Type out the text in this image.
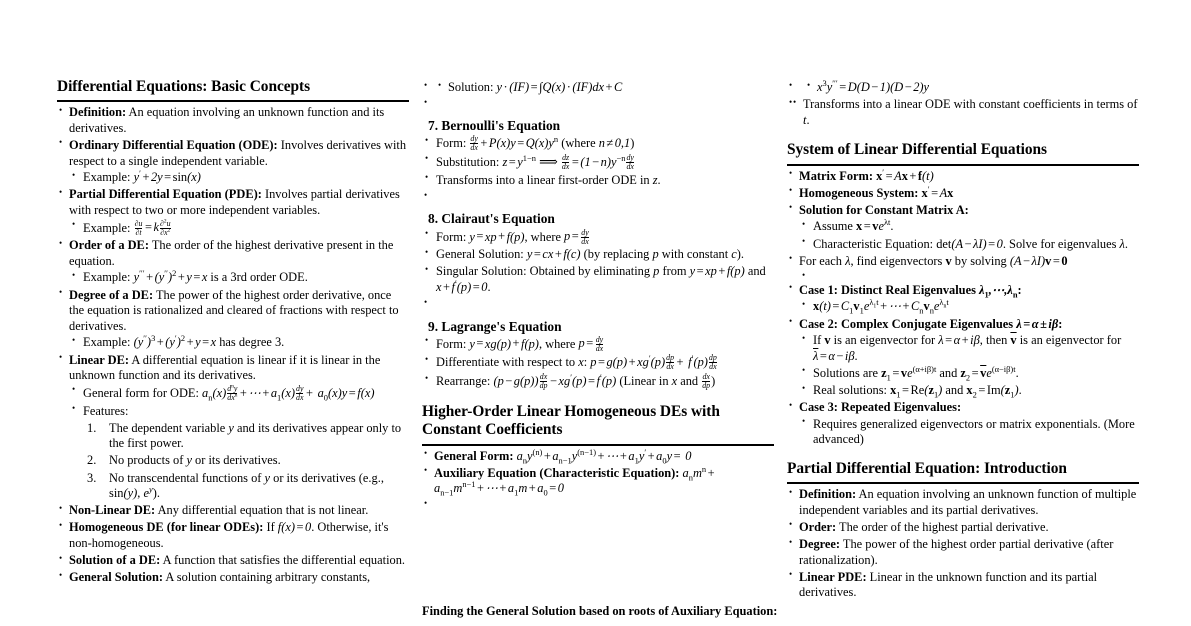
Differential Equations: Basic Concepts
• Definition: An equation involving an unknown function and its derivatives.
• Ordinary Differential Equation (ODE): Involves derivatives with respect to a single independent variable.
• Example: y′ + 2y = sin(x)
• Partial Differential Equation (PDE): Involves partial derivatives with respect to two or more independent variables.
• Example: $\frac{\partial u}{\partial t} = k \frac{\partial^2u}{\partial x^2}$
• Order of a DE: The order of the highest derivative present in the equation.
• Example: $y''' + (y'')^2 + y = x$ is a 3rd order ODE.
• Degree of a DE: The power of the highest order derivative, once the equation is rationalized and cleared of fractions with respect to derivatives.
• Example: $(y'')^3 + (y')^2 + y = x$ has degree 3.
• Linear DE: A differential equation is linear if it is linear in the unknown function and its derivatives.
• General form for ODE: $a_n(x) \frac{d^ny}{dx^n}$ + ⋯ + $a_1(x) \frac{dy}{dx} + a_0(x)y = f(x)$
• Features:
The dependent variable y and its derivatives appear only to the first power.
No products of y or its derivatives.
No transcendental functions of y or its derivatives (e.g., sin(y), $e^y$).
• Non-Linear DE: Any differential equation that is not linear.
• Homogeneous DE (for linear ODEs): If f(x) = 0. Otherwise, it's non-homogeneous.
• Solution of a DE: A function that satisfies the differential equation.
• General Solution: A solution containing arbitrary constants,
• • Solution: y · (IF) = ∫Q(x) · (IF)dx + C
•
7. Bernoulli's Equation
• Form: $\frac{dy}{dx} + P(x)y = Q(x)y^n$ (where n ≠ 0,1)
• Substitution: $z = y^{1-n}$ ⟹ $\frac{dz}{dx} = (1 - n)y^{-n} \frac{dy}{dx}$
• Transforms into a linear first-order ODE in z.
•
8. Clairaut's Equation
• Form: y = xp + f(p), where $p = \frac{dy}{dx}$
• General Solution: y = cx + f(c) (by replacing p with constant c).
• Singular Solution: Obtained by eliminating p from y = xp + f(p) and x + f′(p) = 0.
•
9. Lagrange's Equation
• Form: y = xg(p) + f(p), where $p = \frac{dy}{dx}$
• Differentiate with respect to x: $p = g(p) + xg'(p) \frac{dp}{dx} + f'(p) \frac{dp}{dx}$
• Rearrange: $(p - g(p)) \frac{dx}{dp} - xg'(p) = f'(p)$ (Linear in x and $\frac{dx}{dp}$ )
Higher-Order Linear Homogeneous DEs with
Constant Coefficients
• General Form: $a_ny^{(n)} + a_{n-1}y^{(n-1)}$ + ⋯ + $a_1y' + a_0y = 0$
• Auxiliary Equation (Characteristic Equation): $a_nm^n + a_{n-1}m^{n-1}$ + ⋯ + $a_1m + a_0 = 0$
•
Finding the General Solution based on roots of Auxiliary Equation:
• • $x^3y''' = D(D - 1)(D - 2)y$
• • Transforms into a linear ODE with constant coefficients in terms of t.
System of Linear Differential Equations
• Matrix Form: x′ = Ax + f(t)
• Homogeneous System: x′ = Ax
• Solution for Constant Matrix A:
• Assume $x = ve^{\lambda t}$.
• Characteristic Equation: det(A − λI) = 0. Solve for eigenvalues λ.
• For each λ, find eigenvectors v by solving (A − λI)v = 0
•
• Case 1: Distinct Real Eigenvalues $\lambda_1,\cdots,\lambda_n$:
• $x(t) = C_1v_1e^{\lambda_1t}$ + ⋯ + $C_nv_ne^{\lambda_nt}$
• Case 2: Complex Conjugate Eigenvalues λ = α ± iβ:
• If v is an eigenvector for λ = α + iβ, then $\overline{v}$ is an eigenvector for $\overline{\lambda} = \alpha - i\beta$.
• Solutions are $z_1 = ve^{(\alpha+i\beta)t}$ and $z_2 = \overline{v}e^{(\alpha-i\beta)t}$.
• Real solutions: $x_1 = Re(z_1)$ and $x_2 = Im(z_1)$.
• Case 3: Repeated Eigenvalues:
• Requires generalized eigenvectors or matrix exponentials. (More advanced)
Partial Differential Equation: Introduction
• Definition: An equation involving an unknown function of multiple independent variables and its partial derivatives.
• Order: The order of the highest partial derivative.
• Degree: The power of the highest order partial derivative (after rationalization).
• Linear PDE: Linear in the unknown function and its partial derivatives.
